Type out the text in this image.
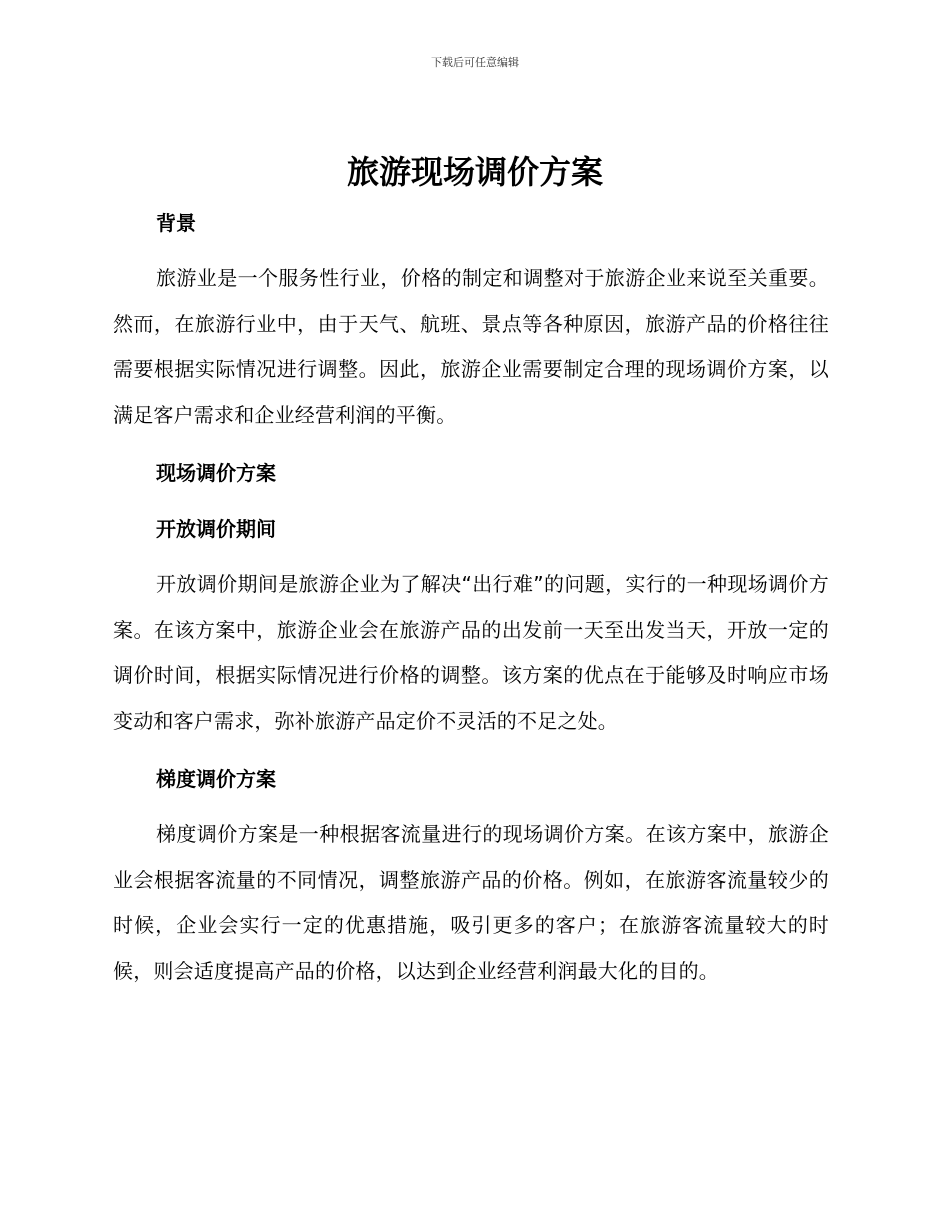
下载后可任意编辑
旅游现场调价方案
背景

旅游业是一个服务性行业，价格的制定和调整对于旅游企业来说至关重要。然而，在旅游行业中，由于天气、航班、景点等各种原因，旅游产品的价格往往需要根据实际情况进行调整。因此，旅游企业需要制定合理的现场调价方案，以满足客户需求和企业经营利润的平衡。

现场调价方案
开放调价期间

开放调价期间是旅游企业为了解决“出行难”的问题，实行的一种现场调价方案。在该方案中，旅游企业会在旅游产品的出发前一天至出发当天，开放一定的调价时间，根据实际情况进行价格的调整。该方案的优点在于能够及时响应市场变动和客户需求，弥补旅游产品定价不灵活的不足之处。

梯度调价方案

梯度调价方案是一种根据客流量进行的现场调价方案。在该方案中，旅游企业会根据客流量的不同情况，调整旅游产品的价格。例如，在旅游客流量较少的时候，企业会实行一定的优惠措施，吸引更多的客户；在旅游客流量较大的时候，则会适度提高产品的价格，以达到企业经营利润最大化的目的。
